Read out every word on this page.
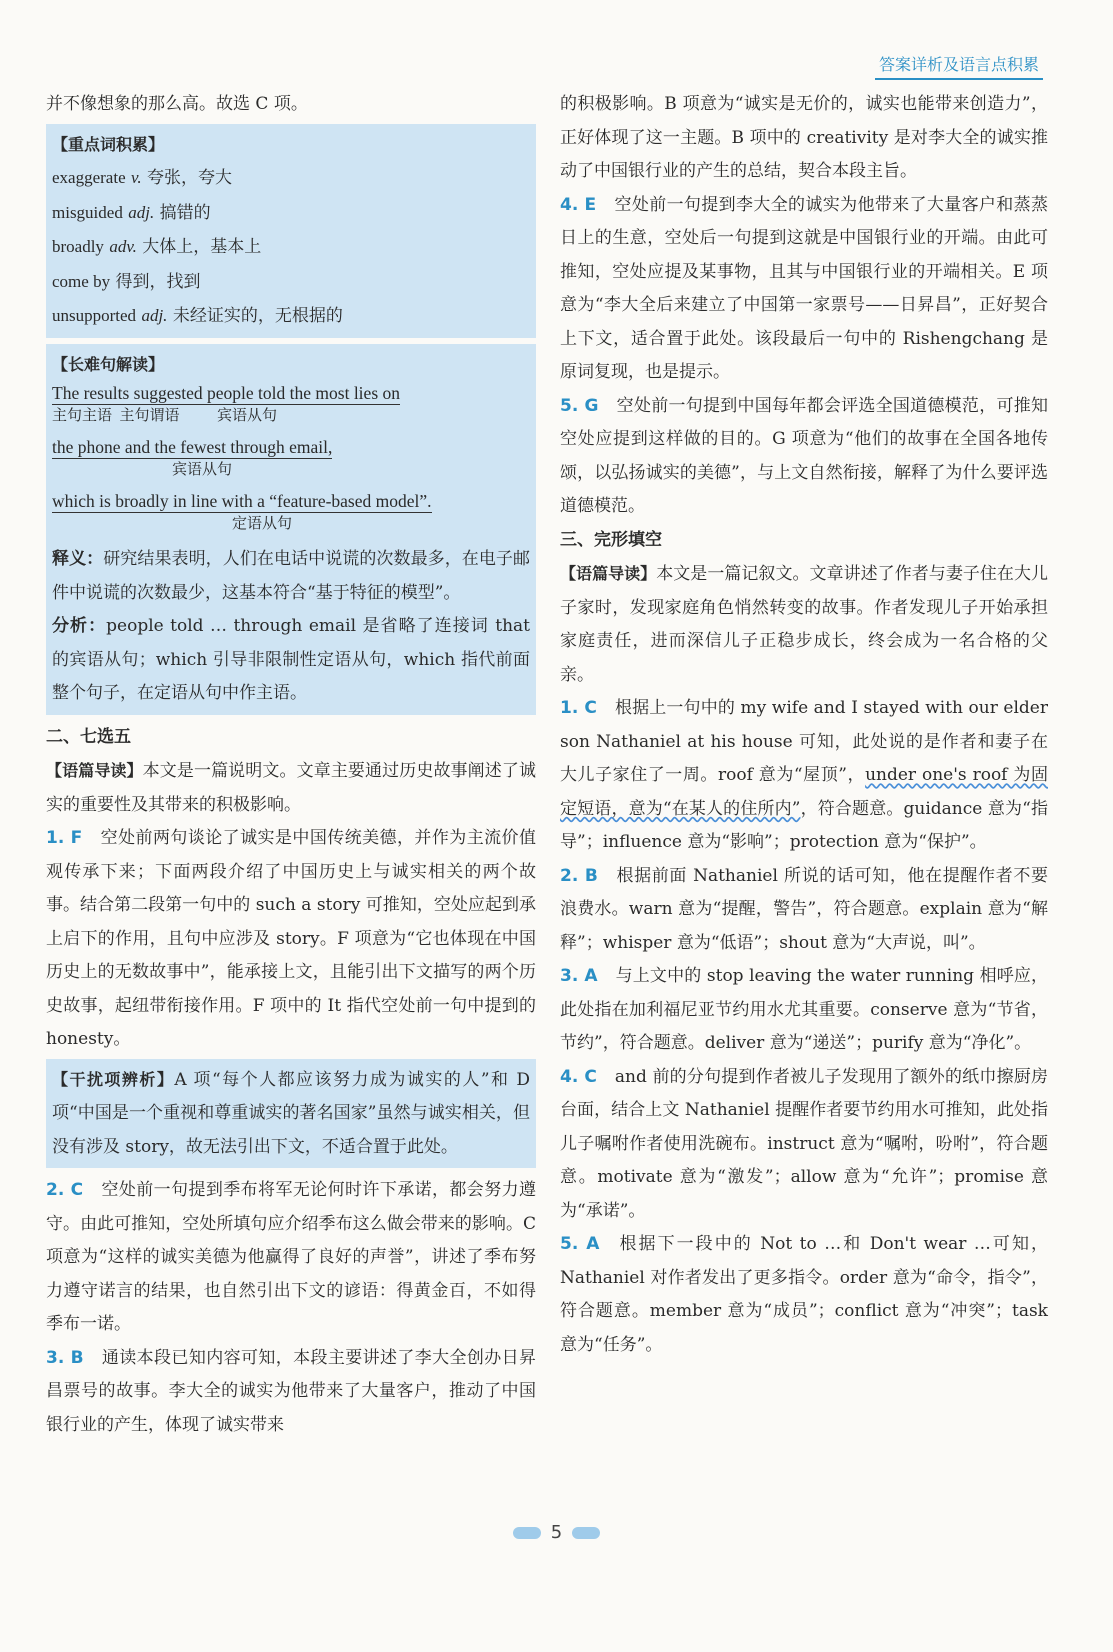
答案详析及语言点积累

并不像想象的那么高。故选 C 项。

【重点词积累】
exaggerate v. 夸张，夸大
misguided adj. 搞错的
broadly adv. 大体上，基本上
come by 得到，找到
unsupported adj. 未经证实的，无根据的
【长难句解读】
The results suggested people told the most lies on
主句主语  主句谓语          宾语从句
the phone and the fewest through email,
宾语从句
which is broadly in line with a “feature-based model”.
定语从句

释义：研究结果表明，人们在电话中说谎的次数最多，在电子邮件中说谎的次数最少，这基本符合“基于特征的模型”。

分析：people told … through email 是省略了连接词 that 的宾语从句；which 引导非限制性定语从句，which 指代前面整个句子，在定语从句中作主语。

二、七选五

【语篇导读】本文是一篇说明文。文章主要通过历史故事阐述了诚实的重要性及其带来的积极影响。

1. F 空处前两句谈论了诚实是中国传统美德，并作为主流价值观传承下来；下面两段介绍了中国历史上与诚实相关的两个故事。结合第二段第一句中的 such a story 可推知，空处应起到承上启下的作用，且句中应涉及 story。F 项意为“它也体现在中国历史上的无数故事中”，能承接上文，且能引出下文描写的两个历史故事，起纽带衔接作用。F 项中的 It 指代空处前一句中提到的 honesty。

【干扰项辨析】A 项“每个人都应该努力成为诚实的人”和 D 项“中国是一个重视和尊重诚实的著名国家”虽然与诚实相关，但没有涉及 story，故无法引出下文，不适合置于此处。

2. C 空处前一句提到季布将军无论何时许下承诺，都会努力遵守。由此可推知，空处所填句应介绍季布这么做会带来的影响。C 项意为“这样的诚实美德为他赢得了良好的声誉”，讲述了季布努力遵守诺言的结果，也自然引出下文的谚语：得黄金百，不如得季布一诺。

3. B 通读本段已知内容可知，本段主要讲述了李大全创办日昇昌票号的故事。李大全的诚实为他带来了大量客户，推动了中国银行业的产生，体现了诚实带来

的积极影响。B 项意为“诚实是无价的，诚实也能带来创造力”，正好体现了这一主题。B 项中的 creativity 是对李大全的诚实推动了中国银行业的产生的总结，契合本段主旨。

4. E 空处前一句提到李大全的诚实为他带来了大量客户和蒸蒸日上的生意，空处后一句提到这就是中国银行业的开端。由此可推知，空处应提及某事物，且其与中国银行业的开端相关。E 项意为“李大全后来建立了中国第一家票号——日昇昌”，正好契合上下文，适合置于此处。该段最后一句中的 Rishengchang 是原词复现，也是提示。

5. G 空处前一句提到中国每年都会评选全国道德模范，可推知空处应提到这样做的目的。G 项意为“他们的故事在全国各地传颂，以弘扬诚实的美德”，与上文自然衔接，解释了为什么要评选道德模范。

三、完形填空

【语篇导读】本文是一篇记叙文。文章讲述了作者与妻子住在大儿子家时，发现家庭角色悄然转变的故事。作者发现儿子开始承担家庭责任，进而深信儿子正稳步成长，终会成为一名合格的父亲。

1. C 根据上一句中的 my wife and I stayed with our elder son Nathaniel at his house 可知，此处说的是作者和妻子在大儿子家住了一周。roof 意为“屋顶”，under one's roof 为固定短语，意为“在某人的住所内”，符合题意。guidance 意为“指导”；influence 意为“影响”；protection 意为“保护”。

2. B 根据前面 Nathaniel 所说的话可知，他在提醒作者不要浪费水。warn 意为“提醒，警告”，符合题意。explain 意为“解释”；whisper 意为“低语”；shout 意为“大声说，叫”。

3. A 与上文中的 stop leaving the water running 相呼应，此处指在加利福尼亚节约用水尤其重要。conserve 意为“节省，节约”，符合题意。deliver 意为“递送”；purify 意为“净化”。

4. C and 前的分句提到作者被儿子发现用了额外的纸巾擦厨房台面，结合上文 Nathaniel 提醒作者要节约用水可推知，此处指儿子嘱咐作者使用洗碗布。instruct 意为“嘱咐，吩咐”，符合题意。motivate 意为“激发”；allow 意为“允许”；promise 意为“承诺”。

5. A 根据下一段中的 Not to …和 Don't wear …可知，Nathaniel 对作者发出了更多指令。order 意为“命令，指令”，符合题意。member 意为“成员”；conflict 意为“冲突”；task 意为“任务”。

5
